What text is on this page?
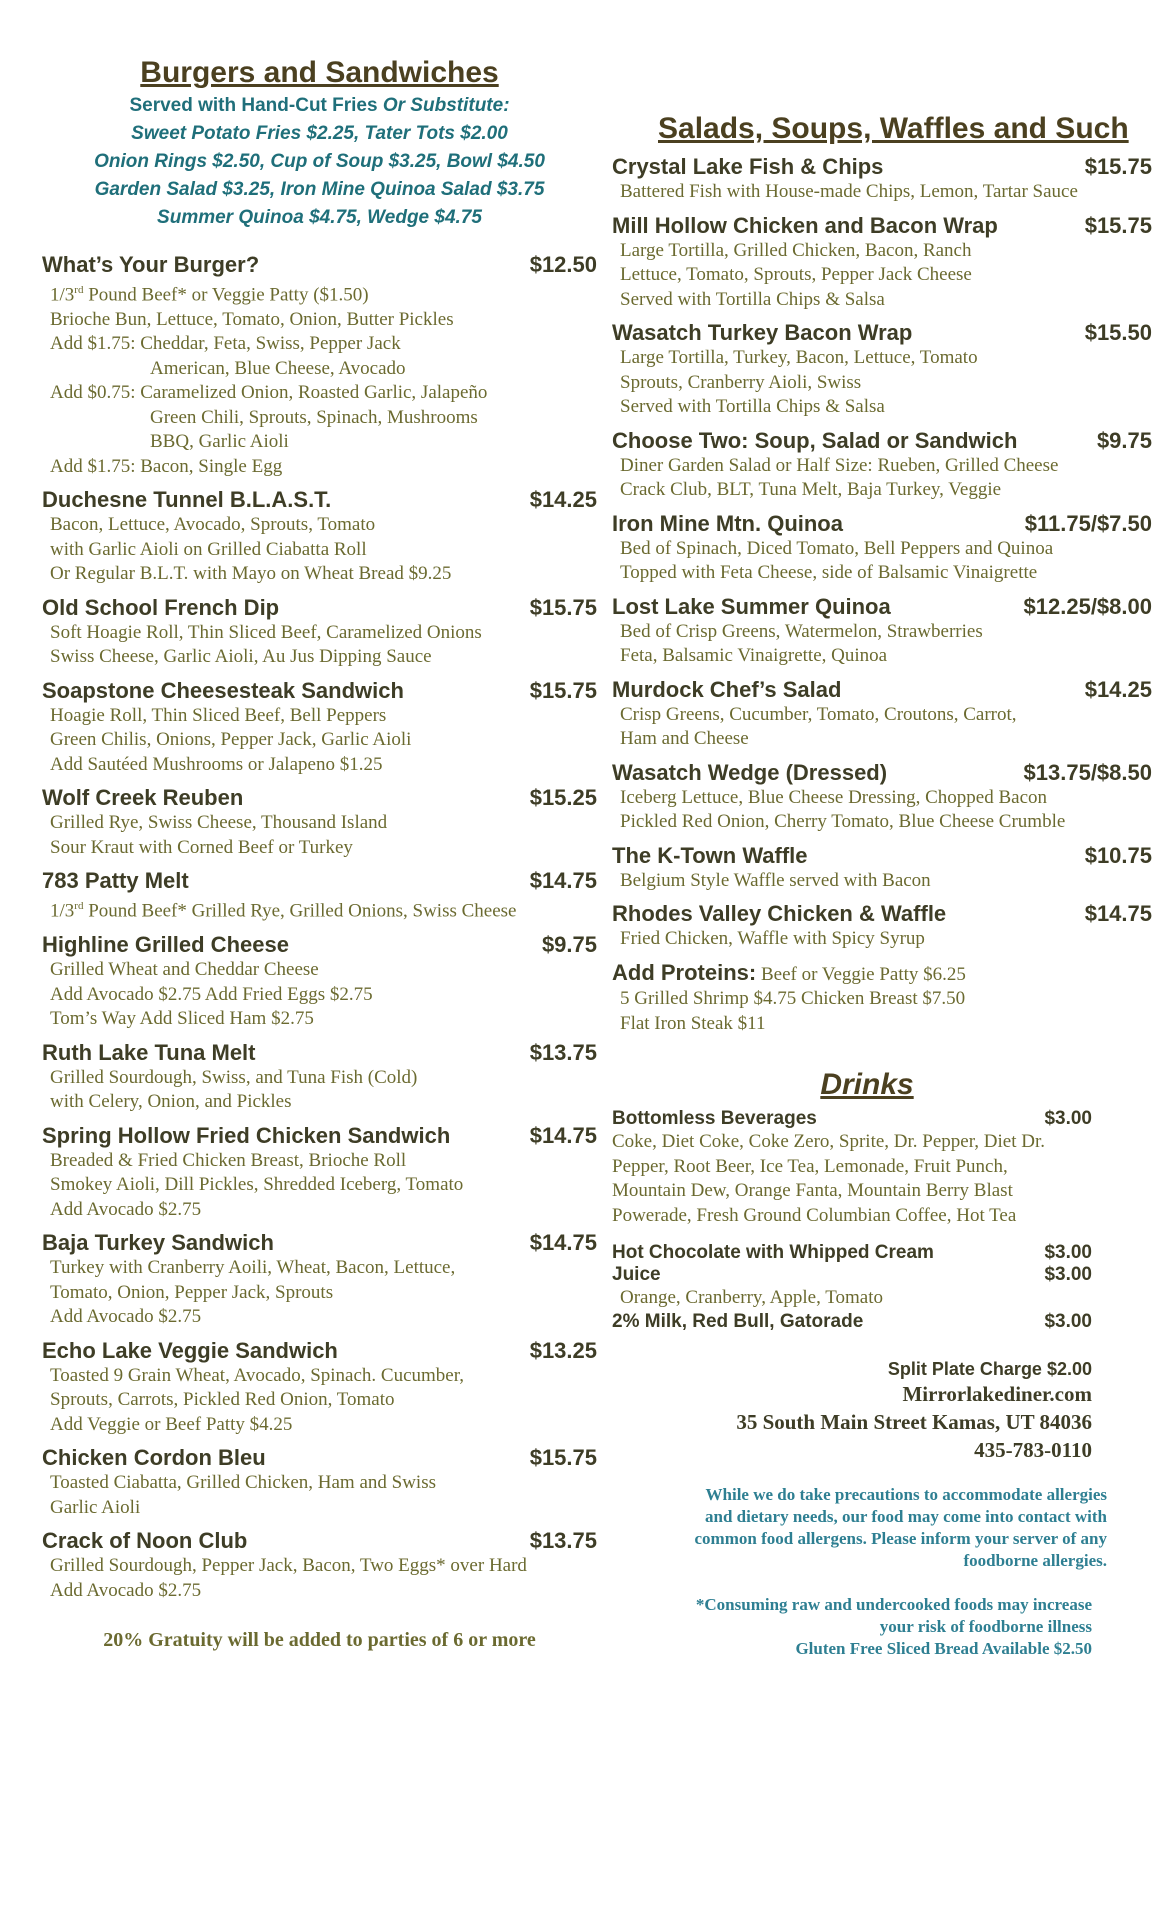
Burgers and Sandwiches
Served with Hand-Cut Fries Or Substitute:
Sweet Potato Fries $2.25, Tater Tots $2.00
Onion Rings $2.50, Cup of Soup $3.25, Bowl $4.50
Garden Salad $3.25, Iron Mine Quinoa Salad $3.75
Summer Quinoa $4.75, Wedge $4.75
What’s Your Burger?	$12.50
1/3rd Pound Beef* or Veggie Patty ($1.50)
Brioche Bun, Lettuce, Tomato, Onion, Butter Pickles
Add $1.75: Cheddar, Feta, Swiss, Pepper Jack
American, Blue Cheese, Avocado
Add $0.75: Caramelized Onion, Roasted Garlic, Jalapeño
Green Chili, Sprouts, Spinach, Mushrooms
BBQ, Garlic Aioli
Add $1.75: Bacon, Single Egg
Duchesne Tunnel B.L.A.S.T.	$14.25
Bacon, Lettuce, Avocado, Sprouts, Tomato
with Garlic Aioli on Grilled Ciabatta Roll
Or Regular B.L.T. with Mayo on Wheat Bread $9.25
Old School French Dip	$15.75
Soft Hoagie Roll, Thin Sliced Beef, Caramelized Onions
Swiss Cheese, Garlic Aioli, Au Jus Dipping Sauce
Soapstone Cheesesteak Sandwich	$15.75
Hoagie Roll, Thin Sliced Beef, Bell Peppers
Green Chilis, Onions, Pepper Jack, Garlic Aioli
Add Sautéed Mushrooms or Jalapeno $1.25
Wolf Creek Reuben	$15.25
Grilled Rye, Swiss Cheese, Thousand Island
Sour Kraut with Corned Beef or Turkey
783 Patty Melt	$14.75
1/3rd Pound Beef* Grilled Rye, Grilled Onions, Swiss Cheese
Highline Grilled Cheese	$9.75
Grilled Wheat and Cheddar Cheese
Add Avocado $2.75 Add Fried Eggs $2.75
Tom’s Way Add Sliced Ham $2.75
Ruth Lake Tuna Melt	$13.75
Grilled Sourdough, Swiss, and Tuna Fish (Cold)
with Celery, Onion, and Pickles
Spring Hollow Fried Chicken Sandwich	$14.75
Breaded & Fried Chicken Breast, Brioche Roll
Smokey Aioli, Dill Pickles, Shredded Iceberg, Tomato
Add Avocado $2.75
Baja Turkey Sandwich	$14.75
Turkey with Cranberry Aoili, Wheat, Bacon, Lettuce,
Tomato, Onion, Pepper Jack, Sprouts
Add Avocado $2.75
Echo Lake Veggie Sandwich	$13.25
Toasted 9 Grain Wheat, Avocado, Spinach. Cucumber,
Sprouts, Carrots, Pickled Red Onion, Tomato
Add Veggie or Beef Patty $4.25
Chicken Cordon Bleu	$15.75
Toasted Ciabatta, Grilled Chicken, Ham and Swiss
Garlic Aioli
Crack of Noon Club	$13.75
Grilled Sourdough, Pepper Jack, Bacon, Two Eggs* over Hard
Add Avocado $2.75
20% Gratuity will be added to parties of 6 or more
Salads, Soups, Waffles and Such
Crystal Lake Fish & Chips	$15.75
Battered Fish with House-made Chips, Lemon, Tartar Sauce
Mill Hollow Chicken and Bacon Wrap	$15.75
Large Tortilla, Grilled Chicken, Bacon, Ranch
Lettuce, Tomato, Sprouts, Pepper Jack Cheese
Served with Tortilla Chips & Salsa
Wasatch Turkey Bacon Wrap	$15.50
Large Tortilla, Turkey, Bacon, Lettuce, Tomato
Sprouts, Cranberry Aioli, Swiss
Served with Tortilla Chips & Salsa
Choose Two: Soup, Salad or Sandwich	$9.75
Diner Garden Salad or Half Size: Rueben, Grilled Cheese
Crack Club, BLT, Tuna Melt, Baja Turkey, Veggie
Iron Mine Mtn. Quinoa	$11.75/$7.50
Bed of Spinach, Diced Tomato, Bell Peppers and Quinoa
Topped with Feta Cheese, side of Balsamic Vinaigrette
Lost Lake Summer Quinoa	$12.25/$8.00
Bed of Crisp Greens, Watermelon, Strawberries
Feta, Balsamic Vinaigrette, Quinoa
Murdock Chef’s Salad	$14.25
Crisp Greens, Cucumber, Tomato, Croutons, Carrot,
Ham and Cheese
Wasatch Wedge (Dressed)	$13.75/$8.50
Iceberg Lettuce, Blue Cheese Dressing, Chopped Bacon
Pickled Red Onion, Cherry Tomato, Blue Cheese Crumble
The K-Town Waffle	$10.75
Belgium Style Waffle served with Bacon
Rhodes Valley Chicken & Waffle	$14.75
Fried Chicken, Waffle with Spicy Syrup
Add Proteins: Beef or Veggie Patty $6.25
5 Grilled Shrimp $4.75 Chicken Breast $7.50
Flat Iron Steak $11
Drinks
Bottomless Beverages	$3.00
Coke, Diet Coke, Coke Zero, Sprite, Dr. Pepper, Diet Dr.
Pepper, Root Beer, Ice Tea, Lemonade, Fruit Punch,
Mountain Dew, Orange Fanta, Mountain Berry Blast
Powerade, Fresh Ground Columbian Coffee, Hot Tea
Hot Chocolate with Whipped Cream	$3.00
Juice	$3.00
Orange, Cranberry, Apple, Tomato
2% Milk, Red Bull, Gatorade	$3.00
Split Plate Charge $2.00
Mirrorlakediner.com
35 South Main Street Kamas, UT 84036
435-783-0110
While we do take precautions to accommodate allergies
and dietary needs, our food may come into contact with
common food allergens. Please inform your server of any
foodborne allergies.
*Consuming raw and undercooked foods may increase
your risk of foodborne illness
Gluten Free Sliced Bread Available $2.50
